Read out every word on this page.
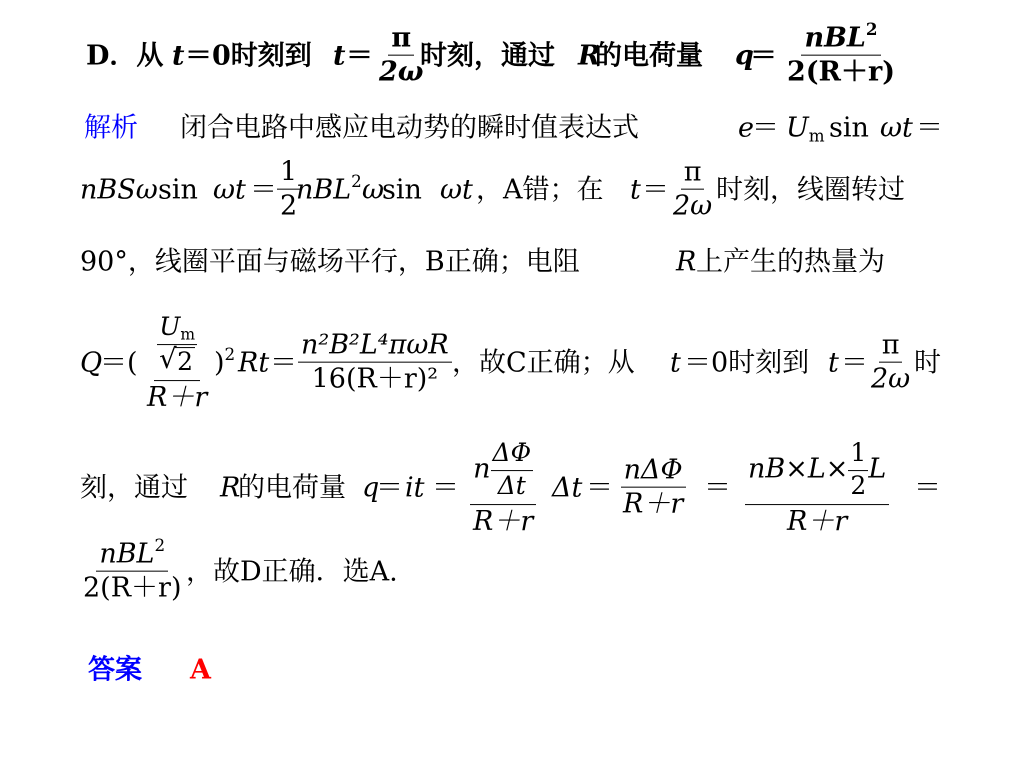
D．从 t ＝0时刻到 $t = \frac{\pi}{2\omega}$
时刻，通过 R
的电荷量 q
＝
nBL$^2$
2(R＋r)
解析 闭合电路中感应电动势的瞬时值表达式	e
＝ $U_m$ sin ωt ＝
nBSω $\sin \omega t = \frac{1}{2}$
nBL$^2$ ω
sin ωt ，A错；在 $t = \frac{\pi}{2\omega}$ 时刻，线圈转过
90°，线圈平面与磁场平行，B正确；电阻	R 上产生的热量为
Q
＝( $\frac{\frac{U_m}{√ 2}}{R+r} )^2$ Rt ＝
n²B²L⁴πωR
16(R＋r)²
，故C正确；从 t ＝0时刻到 $t = \frac{\pi}{2\omega}$ 时
刻，通过 R
的电荷量 q
＝ it ＝
n $\frac{\Delta\Phi}{\Delta t}$
R＋r
Δt ＝
nΔΦ
R＋r
＝ $\frac{nB\times L\times \frac{1}{2} L}{R+r}$ ＝
nBL$^2$
2(R＋r)
，故D正确．选A.
答案 A
